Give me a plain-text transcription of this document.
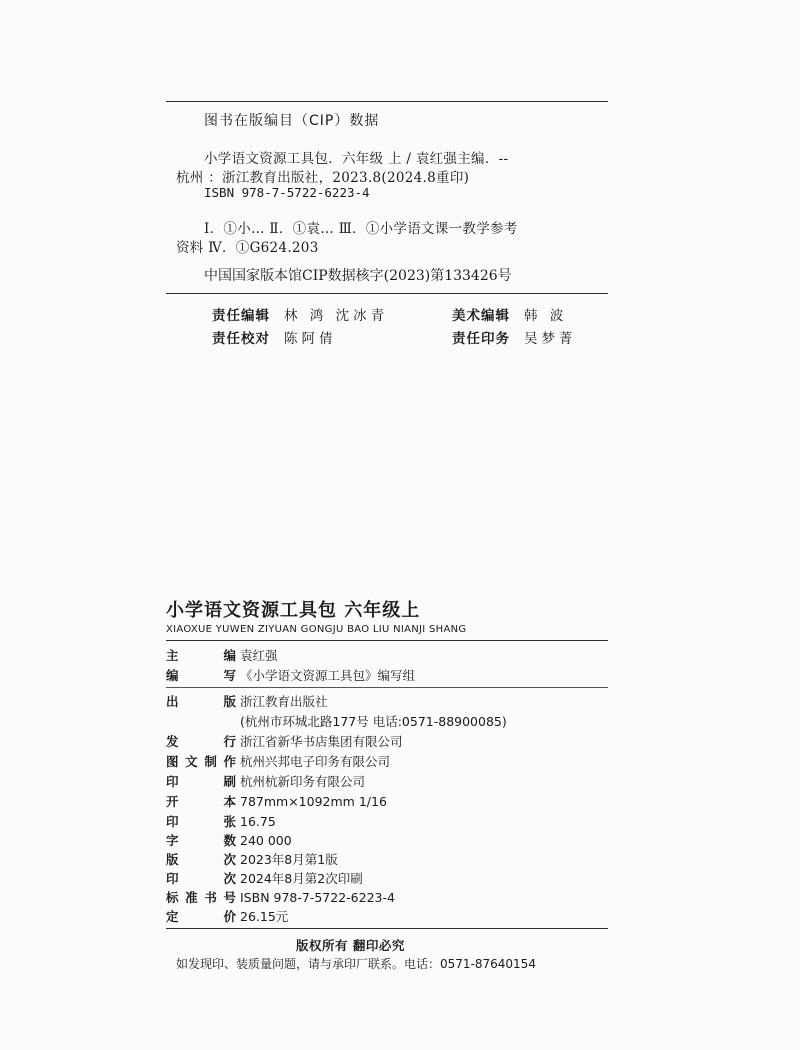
图书在版编目（CIP）数据
小学语文资源工具包．六年级 上 / 袁红强主编．--
杭州 ：浙江教育出版社，2023.8(2024.8重印)
ISBN 978-7-5722-6223-4
Ⅰ．①小… Ⅱ．①袁… Ⅲ．①小学语文课一教学参考
资料 Ⅳ．①G624.203
中国国家版本馆CIP数据核字(2023)第133426号
责任编辑 林 鸿 沈冰青	美术编辑 韩 波
责任校对 陈阿倩	责任印务 吴梦菁
小学语文资源工具包 六年级上
XIAOXUE YUWEN ZIYUAN GONGJU BAO LIU NIANJI SHANG
主编 袁红强
编写 《小学语文资源工具包》编写组
出版 浙江教育出版社
(杭州市环城北路177号 电话:0571-88900085)
发行 浙江省新华书店集团有限公司
图文制作 杭州兴邦电子印务有限公司
印刷 杭州杭新印务有限公司
开本 787mm×1092mm 1/16
印张 16.75
字数 240 000
版次 2023年8月第1版
印次 2024年8月第2次印刷
标准书号 ISBN 978-7-5722-6223-4
定价 26.15元
版权所有 翻印必究
如发现印、装质量问题，请与承印厂联系。电话：0571-87640154
